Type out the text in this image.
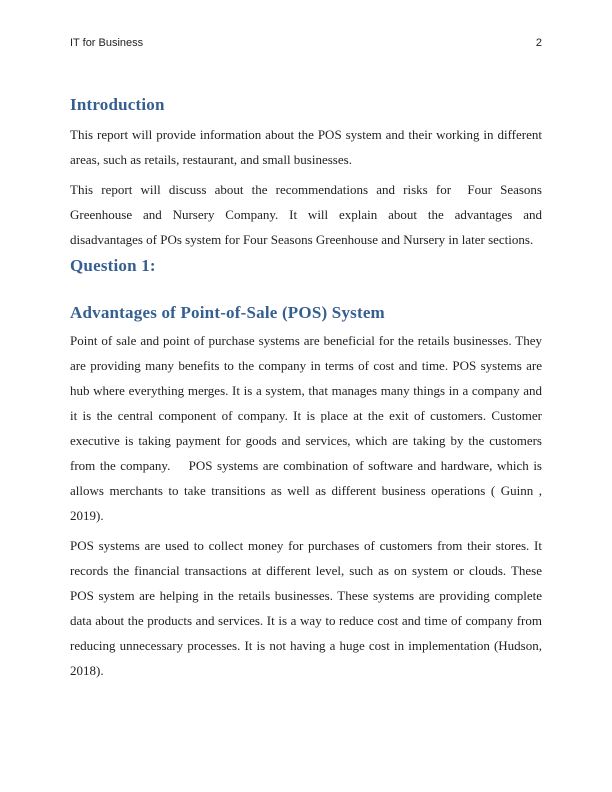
IT for Business	2
Introduction

This report will provide information about the POS system and their working in different areas, such as retails, restaurant, and small businesses.

This report will discuss about the recommendations and risks for  Four Seasons Greenhouse and Nursery Company. It will explain about the advantages and disadvantages of POs system for Four Seasons Greenhouse and Nursery in later sections.

Question 1:
Advantages of Point-of-Sale (POS) System

Point of sale and point of purchase systems are beneficial for the retails businesses. They are providing many benefits to the company in terms of cost and time. POS systems are hub where everything merges. It is a system, that manages many things in a company and it is the central component of company. It is place at the exit of customers. Customer executive is taking payment for goods and services, which are taking by the customers from the company.    POS systems are combination of software and hardware, which is allows merchants to take transitions as well as different business operations ( Guinn , 2019).

POS systems are used to collect money for purchases of customers from their stores. It records the financial transactions at different level, such as on system or clouds. These POS system are helping in the retails businesses. These systems are providing complete data about the products and services. It is a way to reduce cost and time of company from reducing unnecessary processes. It is not having a huge cost in implementation (Hudson, 2018).
